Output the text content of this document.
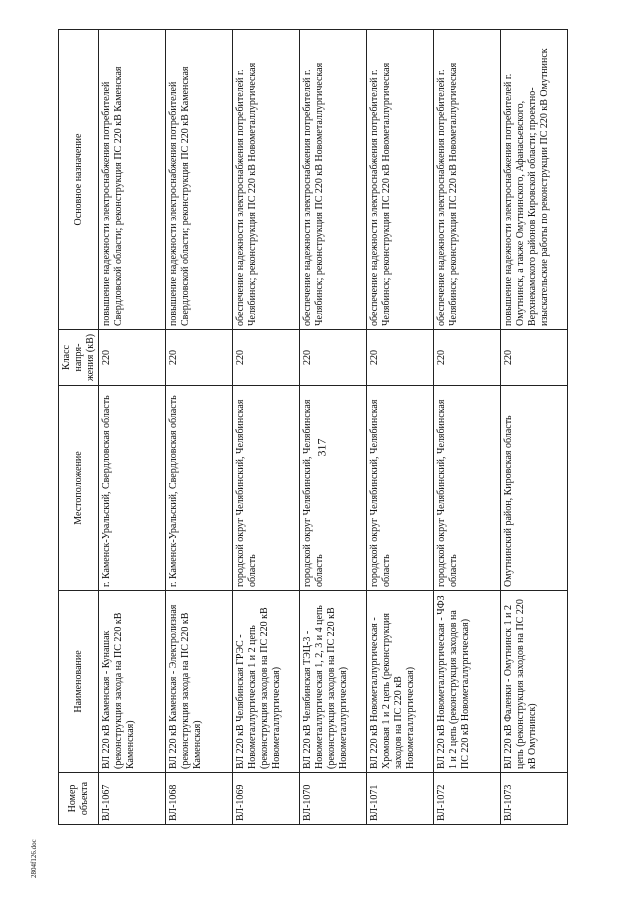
317
Номер объекта	Наименование	Местоположение	Класс напря-жения (кВ)	Основное назначение
ВЛ-1067	ВЛ 220 кВ Каменская - Кунашак (реконструкция захода на ПС 220 кВ Каменская)	г. Каменск-Уральский, Свердловская область	220	повышение надежности электроснабжения потребителей Свердловской области; реконструкция ПС 220 кВ Каменская
ВЛ-1068	ВЛ 220 кВ Каменская - Электролизная (реконструкция захода на ПС 220 кВ Каменская)	г. Каменск-Уральский, Свердловская область	220	повышение надежности электроснабжения потребителей Свердловской области; реконструкция ПС 220 кВ Каменская
ВЛ-1069	ВЛ 220 кВ Челябинская ГРЭС - Новометаллургическая 1 и 2 цепь (реконструкция заходов на ПС 220 кВ Новометаллургическая)	городской округ Челябинский, Челябинская область	220	обеспечение надежности электроснабжения потребителей г. Челябинск; реконструкция ПС 220 кВ Новометаллургическая
ВЛ-1070	ВЛ 220 кВ Челябинская ТЭЦ-3 - Новометаллургическая 1, 2, 3 и 4 цепь (реконструкция заходов на ПС 220 кВ Новометаллургическая)	городской округ Челябинский, Челябинская область	220	обеспечение надежности электроснабжения потребителей г. Челябинск; реконструкция ПС 220 кВ Новометаллургическая
ВЛ-1071	ВЛ 220 кВ Новометаллургическая - Хромовая 1 и 2 цепь (реконструкция заходов на ПС 220 кВ Новометаллургическая)	городской округ Челябинский, Челябинская область	220	обеспечение надежности электроснабжения потребителей г. Челябинск; реконструкция ПС 220 кВ Новометаллургическая
ВЛ-1072	ВЛ 220 кВ Новометаллургическая - ЧФЗ 1 и 2 цепь (реконструкция заходов на ПС 220 кВ Новометаллургическая)	городской округ Челябинский, Челябинская область	220	обеспечение надежности электроснабжения потребителей г. Челябинск; реконструкция ПС 220 кВ Новометаллургическая
ВЛ-1073	ВЛ 220 кВ Фаленки - Омутнинск 1 и 2 цепь (реконструкция заходов на ПС 220 кВ Омутнинск)	Омутнинский район, Кировская область	220	повышение надежности электроснабжения потребителей г. Омутнинск, а также Омутнинского, Афанасьевского, Верхнекамского районов Кировской области; проектно-изыскательские работы по реконструкции ПС 220 кВ Омутнинск
2804f126.doc
